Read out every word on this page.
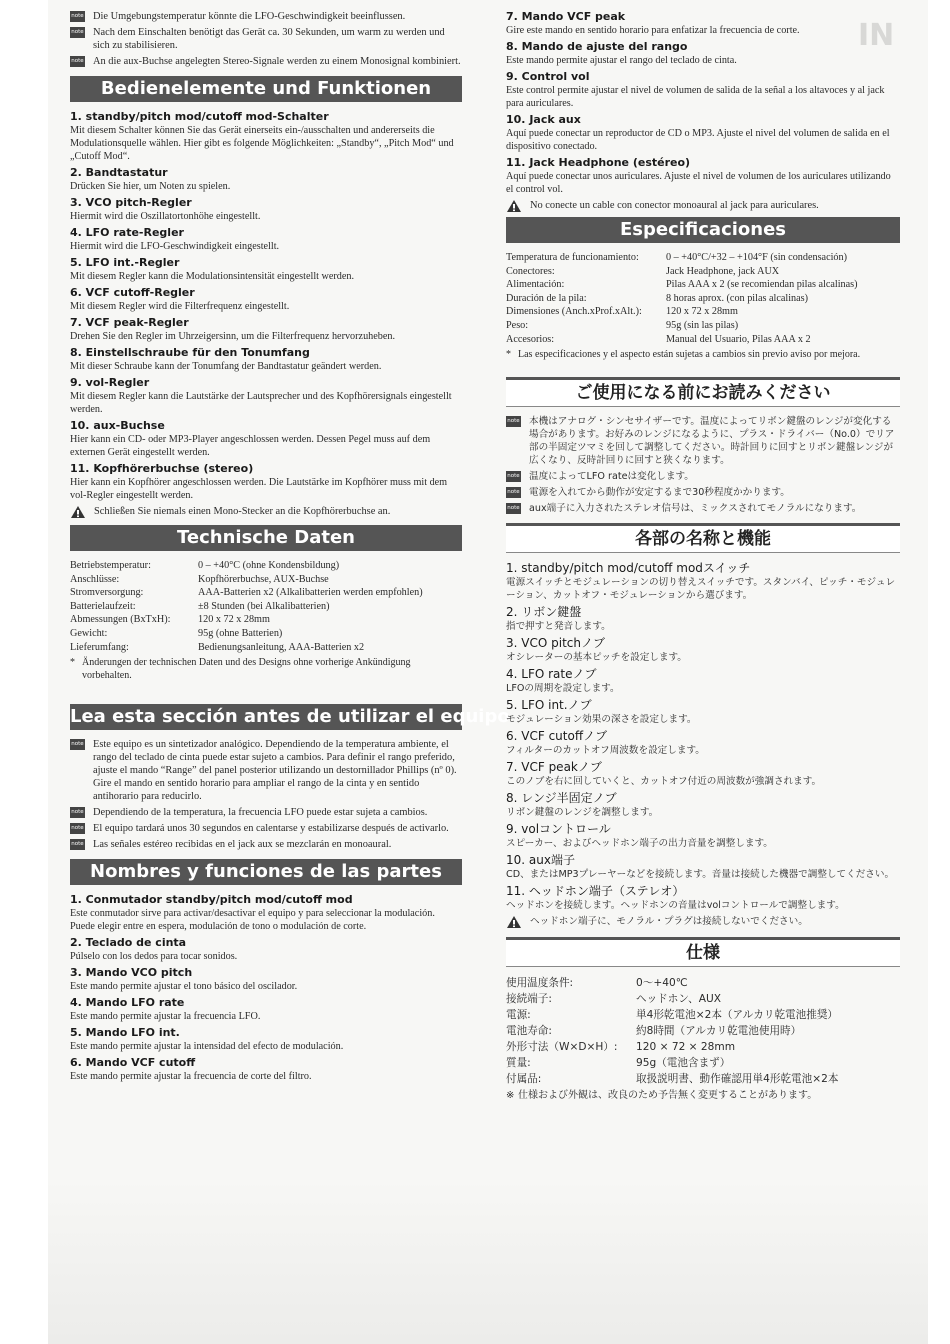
IN
note Die Umgebungstemperatur könnte die LFO-Geschwindigkeit beeinflussen.
note Nach dem Einschalten benötigt das Gerät ca. 30 Sekunden, um warm zu werden und sich zu stabilisieren.
note An die aux-Buchse angelegten Stereo-Signale werden zu einem Monosignal kombiniert.
Bedienelemente und Funktionen
1. standby/pitch mod/cutoff mod-Schalter
Mit diesem Schalter können Sie das Gerät einerseits ein-/ausschalten und andererseits die Modulationsquelle wählen. Hier gibt es folgende Möglichkeiten: „Standby“, „Pitch Mod“ und „Cutoff Mod“.
2. Bandtastatur
Drücken Sie hier, um Noten zu spielen.
3. VCO pitch-Regler
Hiermit wird die Oszillatortonhöhe eingestellt.
4. LFO rate-Regler
Hiermit wird die LFO-Geschwindigkeit eingestellt.
5. LFO int.-Regler
Mit diesem Regler kann die Modulationsintensität eingestellt werden.
6. VCF cutoff-Regler
Mit diesem Regler wird die Filterfrequenz eingestellt.
7. VCF peak-Regler
Drehen Sie den Regler im Uhrzeigersinn, um die Filterfrequenz hervorzuheben.
8. Einstellschraube für den Tonumfang
Mit dieser Schraube kann der Tonumfang der Bandtastatur geändert werden.
9. vol-Regler
Mit diesem Regler kann die Lautstärke der Lautsprecher und des Kopfhörersignals eingestellt werden.
10. aux-Buchse
Hier kann ein CD- oder MP3-Player angeschlossen werden. Dessen Pegel muss auf dem externen Gerät eingestellt werden.
11. Kopfhörerbuchse (stereo)
Hier kann ein Kopfhörer angeschlossen werden. Die Lautstärke im Kopfhörer muss mit dem vol-Regler eingestellt werden.
Schließen Sie niemals einen Mono-Stecker an die Kopfhörerbuchse an.
Technische Daten
Betriebstemperatur:	0 – +40°C (ohne Kondensbildung)
Anschlüsse:	Kopfhörerbuchse, AUX-Buchse
Stromversorgung:	AAA-Batterien x2 (Alkalibatterien werden empfohlen)
Batterielaufzeit:	±8 Stunden (bei Alkalibatterien)
Abmessungen (BxTxH):	120 x 72 x 28mm
Gewicht:	95g (ohne Batterien)
Lieferumfang:	Bedienungsanleitung, AAA-Batterien x2
* Änderungen der technischen Daten und des Designs ohne vorherige Ankündigung vorbehalten.
Lea esta sección antes de utilizar el equipo
note Este equipo es un sintetizador analógico. Dependiendo de la temperatura ambiente, el rango del teclado de cinta puede estar sujeto a cambios. Para definir el rango preferido, ajuste el mando “Range” del panel posterior utilizando un destornillador Phillips (nº 0). Gire el mando en sentido horario para ampliar el rango de la cinta y en sentido antihorario para reducirlo.
note Dependiendo de la temperatura, la frecuencia LFO puede estar sujeta a cambios.
note El equipo tardará unos 30 segundos en calentarse y estabilizarse después de activarlo.
note Las señales estéreo recibidas en el jack aux se mezclarán en monoaural.
Nombres y funciones de las partes
1. Conmutador standby/pitch mod/cutoff mod
Este conmutador sirve para activar/desactivar el equipo y para seleccionar la modulación. Puede elegir entre en espera, modulación de tono o modulación de corte.
2. Teclado de cinta
Púlselo con los dedos para tocar sonidos.
3. Mando VCO pitch
Este mando permite ajustar el tono básico del oscilador.
4. Mando LFO rate
Este mando permite ajustar la frecuencia LFO.
5. Mando LFO int.
Este mando permite ajustar la intensidad del efecto de modulación.
6. Mando VCF cutoff
Este mando permite ajustar la frecuencia de corte del filtro.
7. Mando VCF peak
Gire este mando en sentido horario para enfatizar la frecuencia de corte.
8. Mando de ajuste del rango
Este mando permite ajustar el rango del teclado de cinta.
9. Control vol
Este control permite ajustar el nivel de volumen de salida de la señal a los altavoces y al jack para auriculares.
10. Jack aux
Aquí puede conectar un reproductor de CD o MP3. Ajuste el nivel del volumen de salida en el dispositivo conectado.
11. Jack Headphone (estéreo)
Aquí puede conectar unos auriculares. Ajuste el nivel de volumen de los auriculares utilizando el control vol.
No conecte un cable con conector monoaural al jack para auriculares.
Especificaciones
Temperatura de funcionamiento:	0 – +40°C/+32 – +104°F (sin condensación)
Conectores:	Jack Headphone, jack AUX
Alimentación:	Pilas AAA x 2 (se recomiendan pilas alcalinas)
Duración de la pila:	8 horas aprox. (con pilas alcalinas)
Dimensiones (Anch.xProf.xAlt.):	120 x 72 x 28mm
Peso:	95g (sin las pilas)
Accesorios:	Manual del Usuario, Pilas AAA x 2
* Las especificaciones y el aspecto están sujetas a cambios sin previo aviso por mejora.
ご使用になる前にお読みください
note 本機はアナログ・シンセサイザーです。温度によってリボン鍵盤のレンジが変化する場合があります。お好みのレンジになるように、プラス・ドライバー（No.0）でリア部の半固定ツマミを回して調整してください。時計回りに回すとリボン鍵盤レンジが広くなり、反時計回りに回すと狭くなります。
note 温度によってLFO rateは変化します。
note 電源を入れてから動作が安定するまで30秒程度かかります。
note aux端子に入力されたステレオ信号は、ミックスされてモノラルになります。
各部の名称と機能
1. standby/pitch mod/cutoff modスイッチ
電源スイッチとモジュレーションの切り替えスイッチです。スタンバイ、ピッチ・モジュレーション、カットオフ・モジュレーションから選びます。
2. リボン鍵盤
指で押すと発音します。
3. VCO pitchノブ
オシレーターの基本ピッチを設定します。
4. LFO rateノブ
LFOの周期を設定します。
5. LFO int.ノブ
モジュレーション効果の深さを設定します。
6. VCF cutoffノブ
フィルターのカットオフ周波数を設定します。
7. VCF peakノブ
このノブを右に回していくと、カットオフ付近の周波数が強調されます。
8. レンジ半固定ノブ
リボン鍵盤のレンジを調整します。
9. volコントロール
スピーカー、およびヘッドホン端子の出力音量を調整します。
10. aux端子
CD、またはMP3プレーヤーなどを接続します。音量は接続した機器で調整してください。
11. ヘッドホン端子（ステレオ）
ヘッドホンを接続します。ヘッドホンの音量はvolコントロールで調整します。
ヘッドホン端子に、モノラル・プラグは接続しないでください。
仕様
使用温度条件:	0〜+40℃
接続端子:	ヘッドホン、AUX
電源:	単4形乾電池×2本（アルカリ乾電池推奨）
電池寿命:	約8時間（アルカリ乾電池使用時）
外形寸法（W×D×H）:	120 × 72 × 28mm
質量:	95g（電池含まず）
付属品:	取扱説明書、動作確認用単4形乾電池×2本
※ 仕様および外観は、改良のため予告無く変更することがあります。
